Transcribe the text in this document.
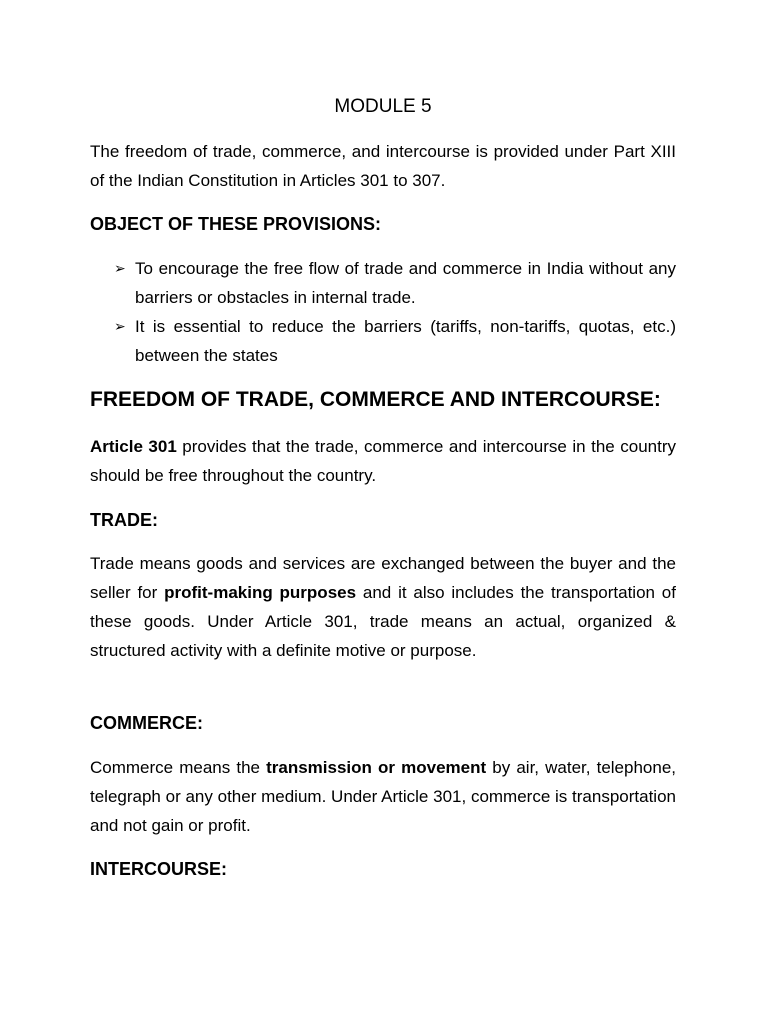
MODULE 5
The freedom of trade, commerce, and intercourse is provided under Part XIII of the Indian Constitution in Articles 301 to 307.
OBJECT OF THESE PROVISIONS:
➢ To encourage the free flow of trade and commerce in India without any barriers or obstacles in internal trade.
➢ It is essential to reduce the barriers (tariffs, non-tariffs, quotas, etc.) between the states
FREEDOM OF TRADE, COMMERCE AND INTERCOURSE:
Article 301 provides that the trade, commerce and intercourse in the country should be free throughout the country.
TRADE:
Trade means goods and services are exchanged between the buyer and the seller for profit-making purposes and it also includes the transportation of these goods. Under Article 301, trade means an actual, organized & structured activity with a definite motive or purpose.
COMMERCE:
Commerce means the transmission or movement by air, water, telephone, telegraph or any other medium. Under Article 301, commerce is transportation and not gain or profit.
INTERCOURSE:
